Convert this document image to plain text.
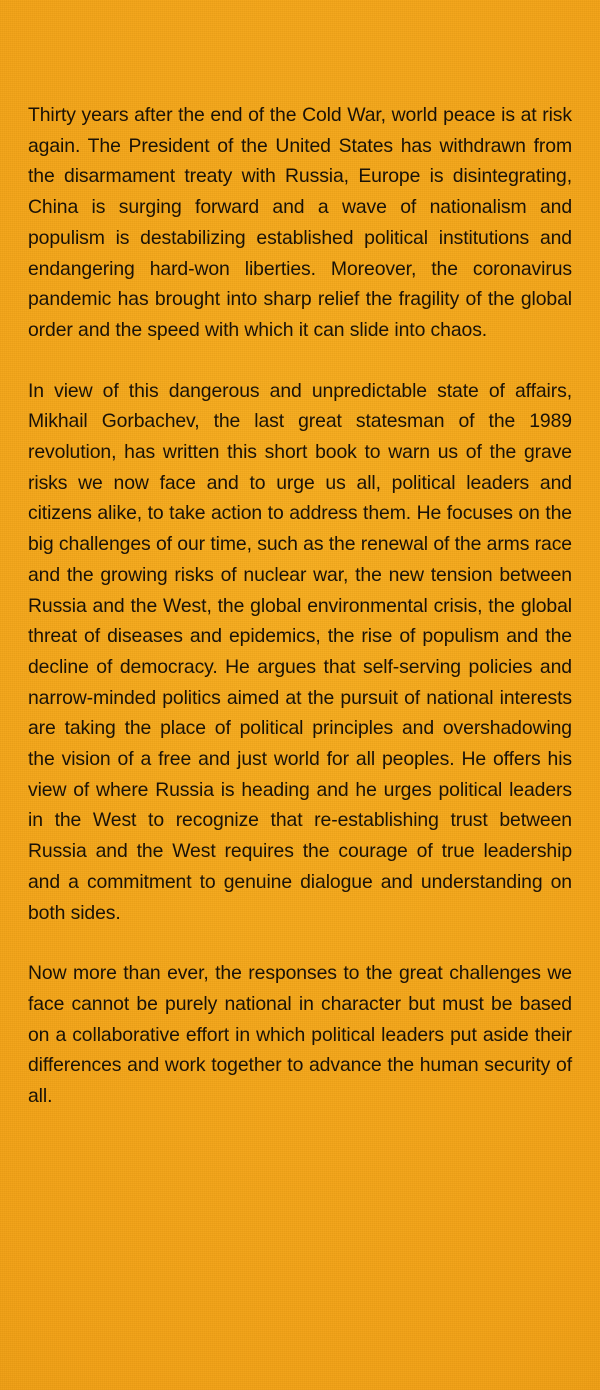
Thirty years after the end of the Cold War, world peace is at risk again. The President of the United States has withdrawn from the disarmament treaty with Russia, Europe is disintegrating, China is surging forward and a wave of nationalism and populism is destabilizing established political institutions and endangering hard-won liberties. Moreover, the coronavirus pandemic has brought into sharp relief the fragility of the global order and the speed with which it can slide into chaos.

In view of this dangerous and unpredictable state of affairs, Mikhail Gorbachev, the last great statesman of the 1989 revolution, has written this short book to warn us of the grave risks we now face and to urge us all, political leaders and citizens alike, to take action to address them. He focuses on the big challenges of our time, such as the renewal of the arms race and the growing risks of nuclear war, the new tension between Russia and the West, the global environmental crisis, the global threat of diseases and epidemics, the rise of populism and the decline of democracy. He argues that self-serving policies and narrow-minded politics aimed at the pursuit of national interests are taking the place of political principles and overshadowing the vision of a free and just world for all peoples. He offers his view of where Russia is heading and he urges political leaders in the West to recognize that re-establishing trust between Russia and the West requires the courage of true leadership and a commitment to genuine dialogue and understanding on both sides.

Now more than ever, the responses to the great challenges we face cannot be purely national in character but must be based on a collaborative effort in which political leaders put aside their differences and work together to advance the human security of all.
